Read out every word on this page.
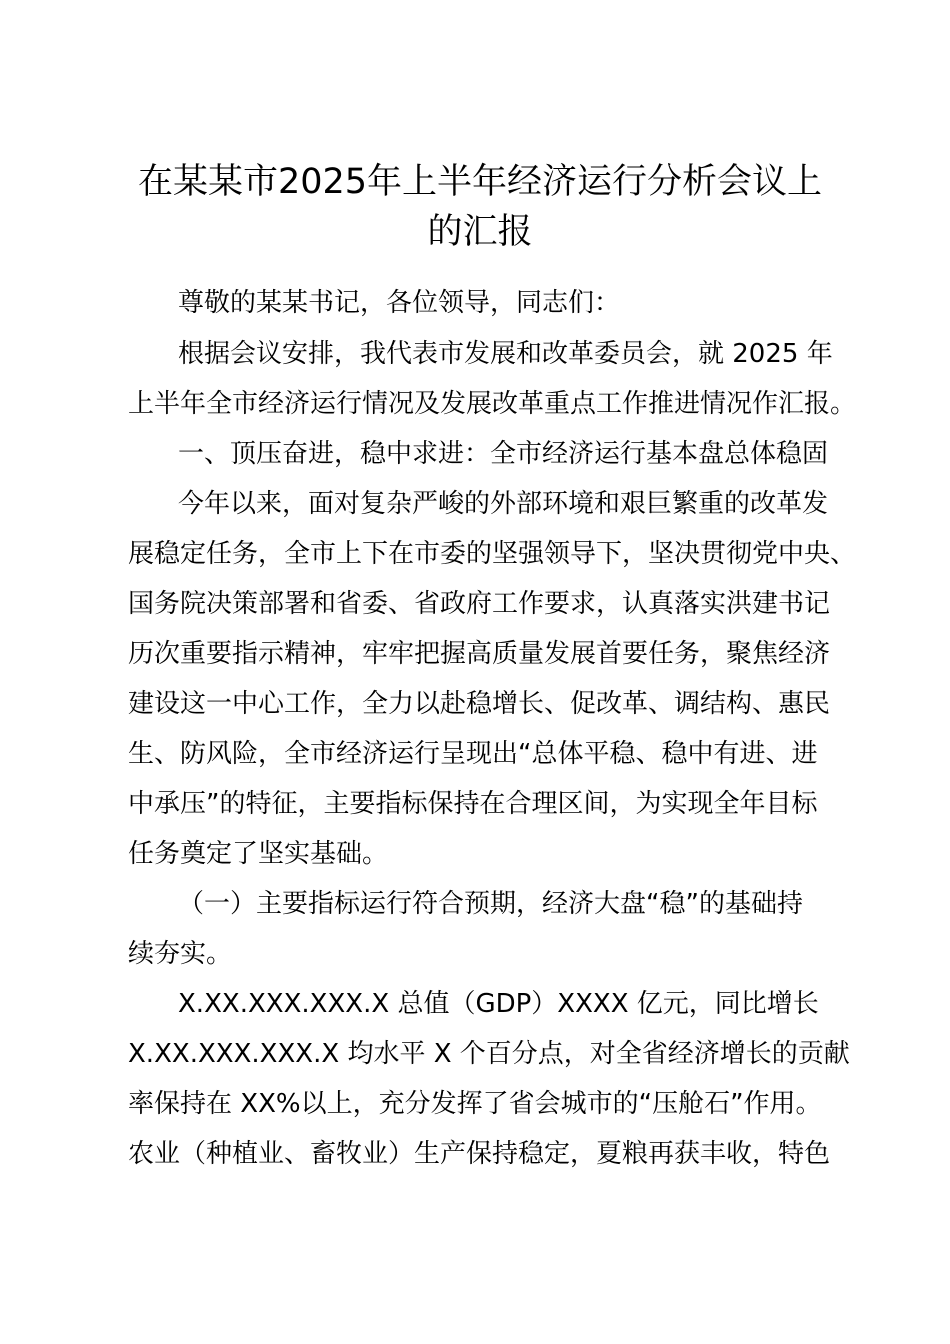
在某某市2025年上半年经济运行分析会议上
的汇报

尊敬的某某书记，各位领导，同志们：

根据会议安排，我代表市发展和改革委员会，就 2025 年

上半年全市经济运行情况及发展改革重点工作推进情况作汇报。

一、顶压奋进，稳中求进：全市经济运行基本盘总体稳固

今年以来，面对复杂严峻的外部环境和艰巨繁重的改革发

展稳定任务，全市上下在市委的坚强领导下，坚决贯彻党中央、

国务院决策部署和省委、省政府工作要求，认真落实洪建书记

历次重要指示精神，牢牢把握高质量发展首要任务，聚焦经济

建设这一中心工作，全力以赴稳增长、促改革、调结构、惠民

生、防风险，全市经济运行呈现出“总体平稳、稳中有进、进

中承压”的特征，主要指标保持在合理区间，为实现全年目标

任务奠定了坚实基础。

（一）主要指标运行符合预期，经济大盘“稳”的基础持

续夯实。

X.XX.XXX.XXX.X 总值（GDP）XXXX 亿元，同比增长

X.XX.XXX.XXX.X 均水平 X 个百分点，对全省经济增长的贡献

率保持在 XX%以上，充分发挥了省会城市的“压舱石”作用。

农业（种植业、畜牧业）生产保持稳定，夏粮再获丰收，特色
